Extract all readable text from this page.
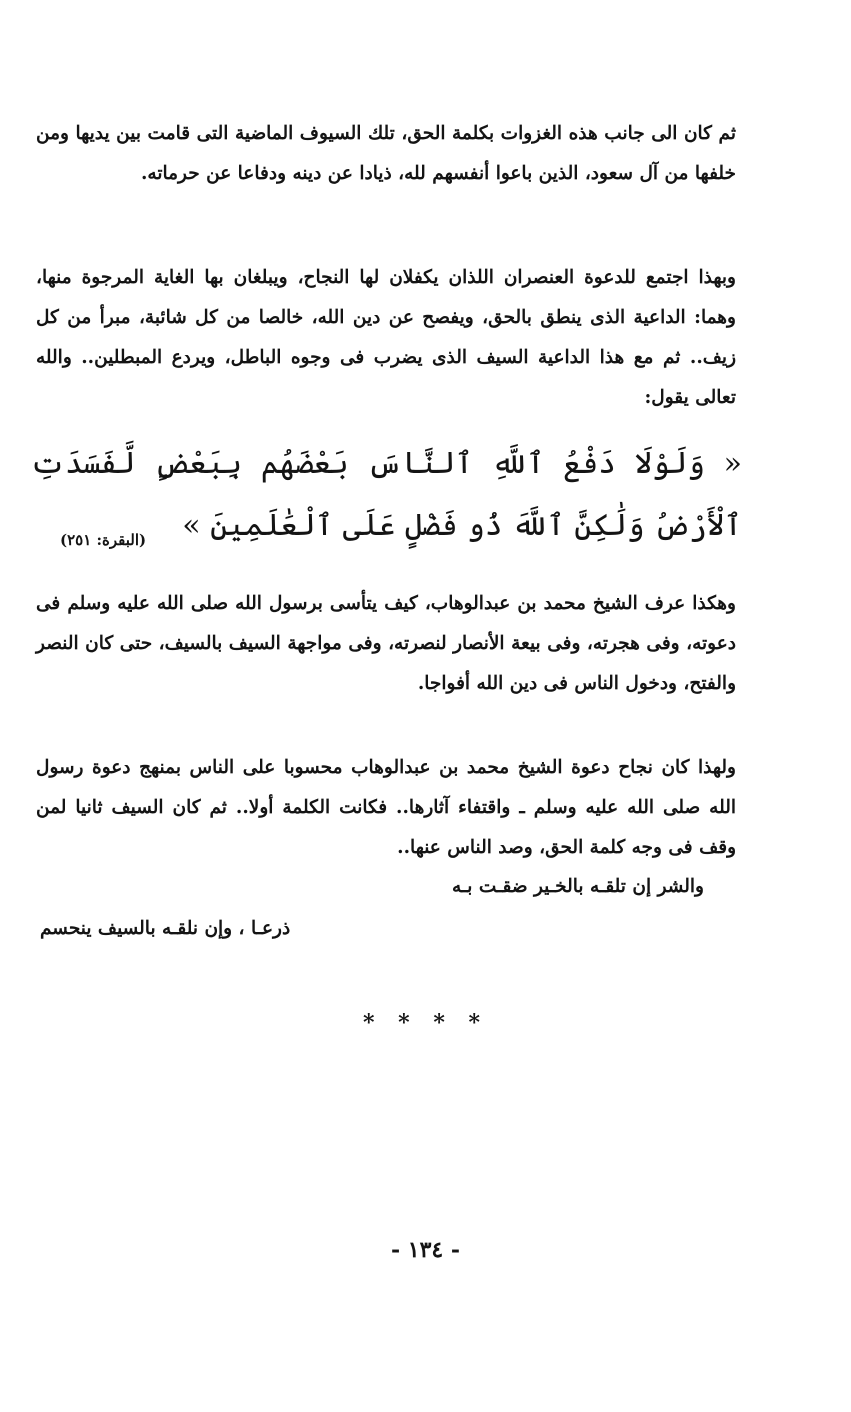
ثم كان الى جانب هذه الغزوات بكلمة الحق، تلك السيوف الماضية التى قامت بين يديها ومن خلفها من آل سعود، الذين باعوا أنفسهم لله، ذيادا عن دينه ودفاعا عن حرماته.

وبهذا اجتمع للدعوة العنصران اللذان يكفلان لها النجاح، ويبلغان بها الغاية المرجوة منها، وهما: الداعية الذى ينطق بالحق، ويفصح عن دين الله، خالصا من كل شائبة، مبرأ من كل زيف.. ثم مع هذا الداعية السيف الذى يضرب فى وجوه الباطل، ويردع المبطلين.. والله تعالى يقول:

« وَلَوْلَا دَفْعُ ٱللَّهِ ٱلنَّاسَ بَعْضَهُم بِبَعْضٍ لَّفَسَدَتِ ٱلْأَرْضُ وَلَٰكِنَّ ٱللَّهَ ذُو فَضْلٍ عَلَى ٱلْعَٰلَمِينَ »

(البقرة: ٢٥١)

وهكذا عرف الشيخ محمد بن عبدالوهاب، كيف يتأسى برسول الله صلى الله عليه وسلم فى دعوته، وفى هجرته، وفى بيعة الأنصار لنصرته، وفى مواجهة السيف بالسيف، حتى كان النصر والفتح، ودخول الناس فى دين الله أفواجا.

ولهذا كان نجاح دعوة الشيخ محمد بن عبدالوهاب محسوبا على الناس بمنهج دعوة رسول الله صلى الله عليه وسلم ـ واقتفاء آثارها.. فكانت الكلمة أولا.. ثم كان السيف ثانيا لمن وقف فى وجه كلمة الحق، وصد الناس عنها..

والشر إن تلقـه بالخـير ضقـت بـه
ذرعـا ، وإن نلقـه بالسيف ينحسم
* * * *
- ١٣٤ -
